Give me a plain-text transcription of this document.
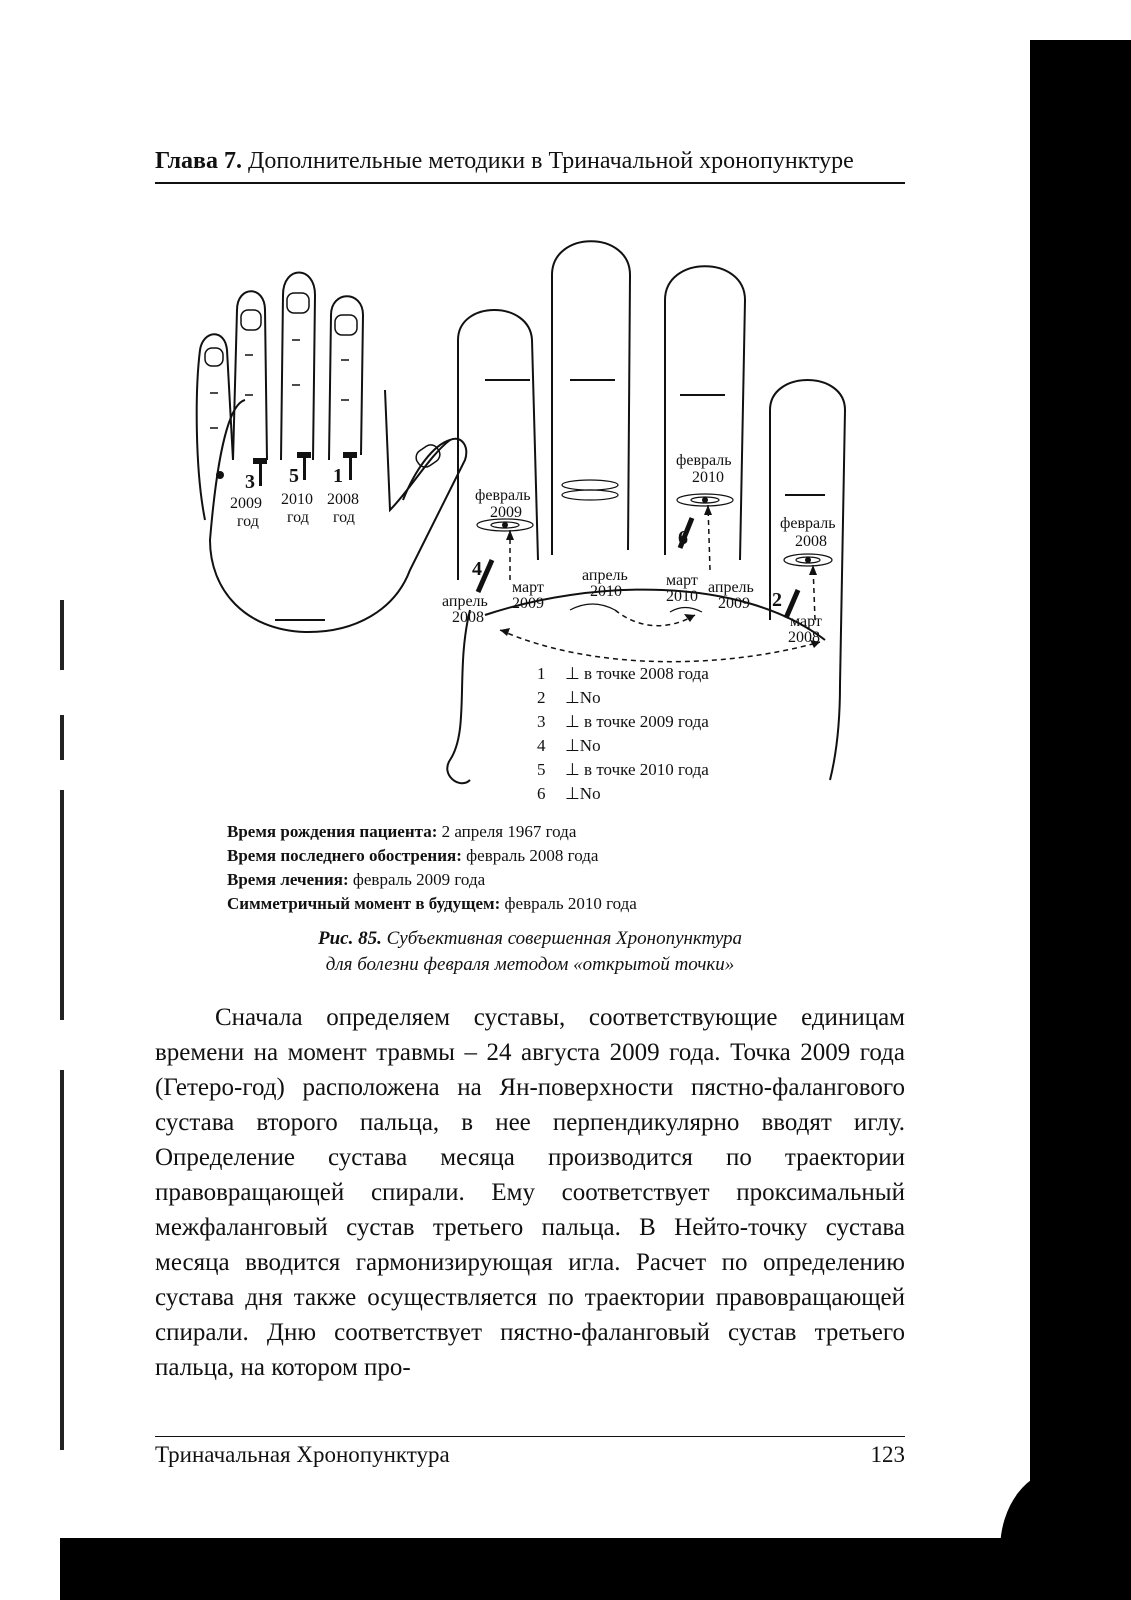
Глава 7. Дополнительные методики в Триначальной хронопунктуре
3
2009
год
5
2010
год
1
2008
год
февраль
2009
февраль
2010
февраль
2008
4
6
2
апрель
2008
март
2009
апрель
2010
март
2010
апрель
2009
март
2008
1	⊥ в точке 2008 года
2	⊥No
3	⊥ в точке 2009 года
4	⊥No
5	⊥ в точке 2010 года
6	⊥No
Время рождения пациента: 2 апреля 1967 года
Время последнего обострения: февраль 2008 года
Время лечения: февраль 2009 года
Симметричный момент в будущем: февраль 2010 года
Рис. 85. Субъективная совершенная Хронопунктура
для болезни февраля методом «открытой точки»

Сначала определяем суставы, соответствующие единицам времени на момент травмы – 24 августа 2009 года. Точка 2009 года (Гетеро-год) расположена на Ян-поверхности пястно-фалангового сустава второго пальца, в нее перпендикулярно вводят иглу. Определение сустава месяца производится по траектории правовращающей спирали. Ему соответствует проксимальный межфаланговый сустав третьего пальца. В Нейто-точку сустава месяца вводится гармонизирующая игла. Расчет по определению сустава дня также осуществляется по траектории правовращающей спирали. Дню соответствует пястно-фаланговый сустав третьего пальца, на котором про-

Триначальная Хронопунктура	123
